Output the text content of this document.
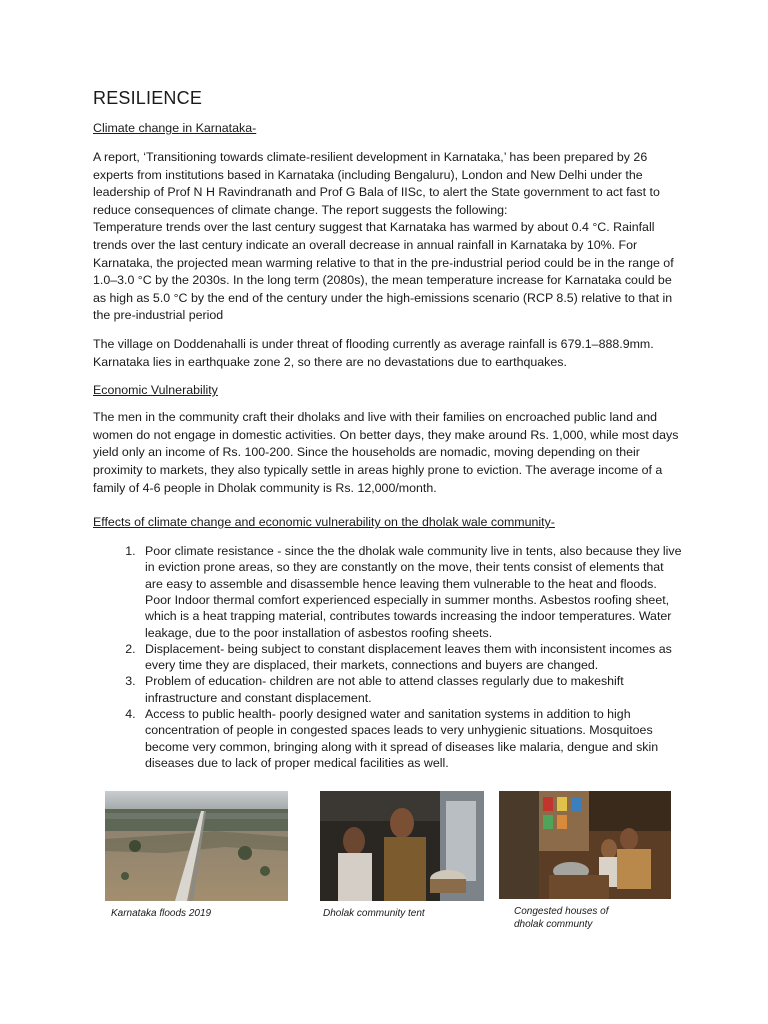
RESILIENCE
Climate change in Karnataka-

A report, ‘Transitioning towards climate-resilient development in Karnataka,’ has been prepared by 26 experts from institutions based in Karnataka (including Bengaluru), London and New Delhi under the leadership of Prof N H Ravindranath and Prof G Bala of IISc, to alert the State government to act fast to reduce consequences of climate change. The report suggests the following:
Temperature trends over the last century suggest that Karnataka has warmed by about 0.4 °C. Rainfall trends over the last century indicate an overall decrease in annual rainfall in Karnataka by 10%. For Karnataka, the projected mean warming relative to that in the pre-industrial period could be in the range of 1.0–3.0 °C by the 2030s. In the long term (2080s), the mean temperature increase for Karnataka could be as high as 5.0 °C by the end of the century under the high-emissions scenario (RCP 8.5) relative to that in the pre-industrial period

The village on Doddenahalli is under threat of flooding currently as average rainfall is 679.1–888.9mm. Karnataka lies in earthquake zone 2, so there are no devastations due to earthquakes.

Economic Vulnerability

The men in the community craft their dholaks and live with their families on encroached public land and women do not engage in domestic activities. On better days, they make around Rs. 1,000, while most days yield only an income of Rs. 100-200. Since the households are nomadic, moving depending on their proximity to markets, they also typically settle in areas highly prone to eviction. The average income of a family of 4-6 people in Dholak community is Rs. 12,000/month.

Effects of climate change and economic vulnerability on the dholak wale community-
1. Poor climate resistance - since the the dholak wale community live in tents, also because they live in eviction prone areas, so they are constantly on the move, their tents consist of elements that are easy to assemble and disassemble hence leaving them vulnerable to the heat and floods. Poor Indoor thermal comfort experienced especially in summer months. Asbestos roofing sheet, which is a heat trapping material, contributes towards increasing the indoor temperatures. Water leakage, due to the poor installation of asbestos roofing sheets.
2. Displacement- being subject to constant displacement leaves them with inconsistent incomes as every time they are displaced, their markets, connections and buyers are changed.
3. Problem of education- children are not able to attend classes regularly due to makeshift infrastructure and constant displacement.
4. Access to public health- poorly designed water and sanitation systems in addition to high concentration of people in congested spaces leads to very unhygienic situations. Mosquitoes become very common, bringing along with it spread of diseases like malaria, dengue and skin diseases due to lack of proper medical facilities as well.
Karnataka floods 2019	Dholak community tent	Congested houses of dholak communty
